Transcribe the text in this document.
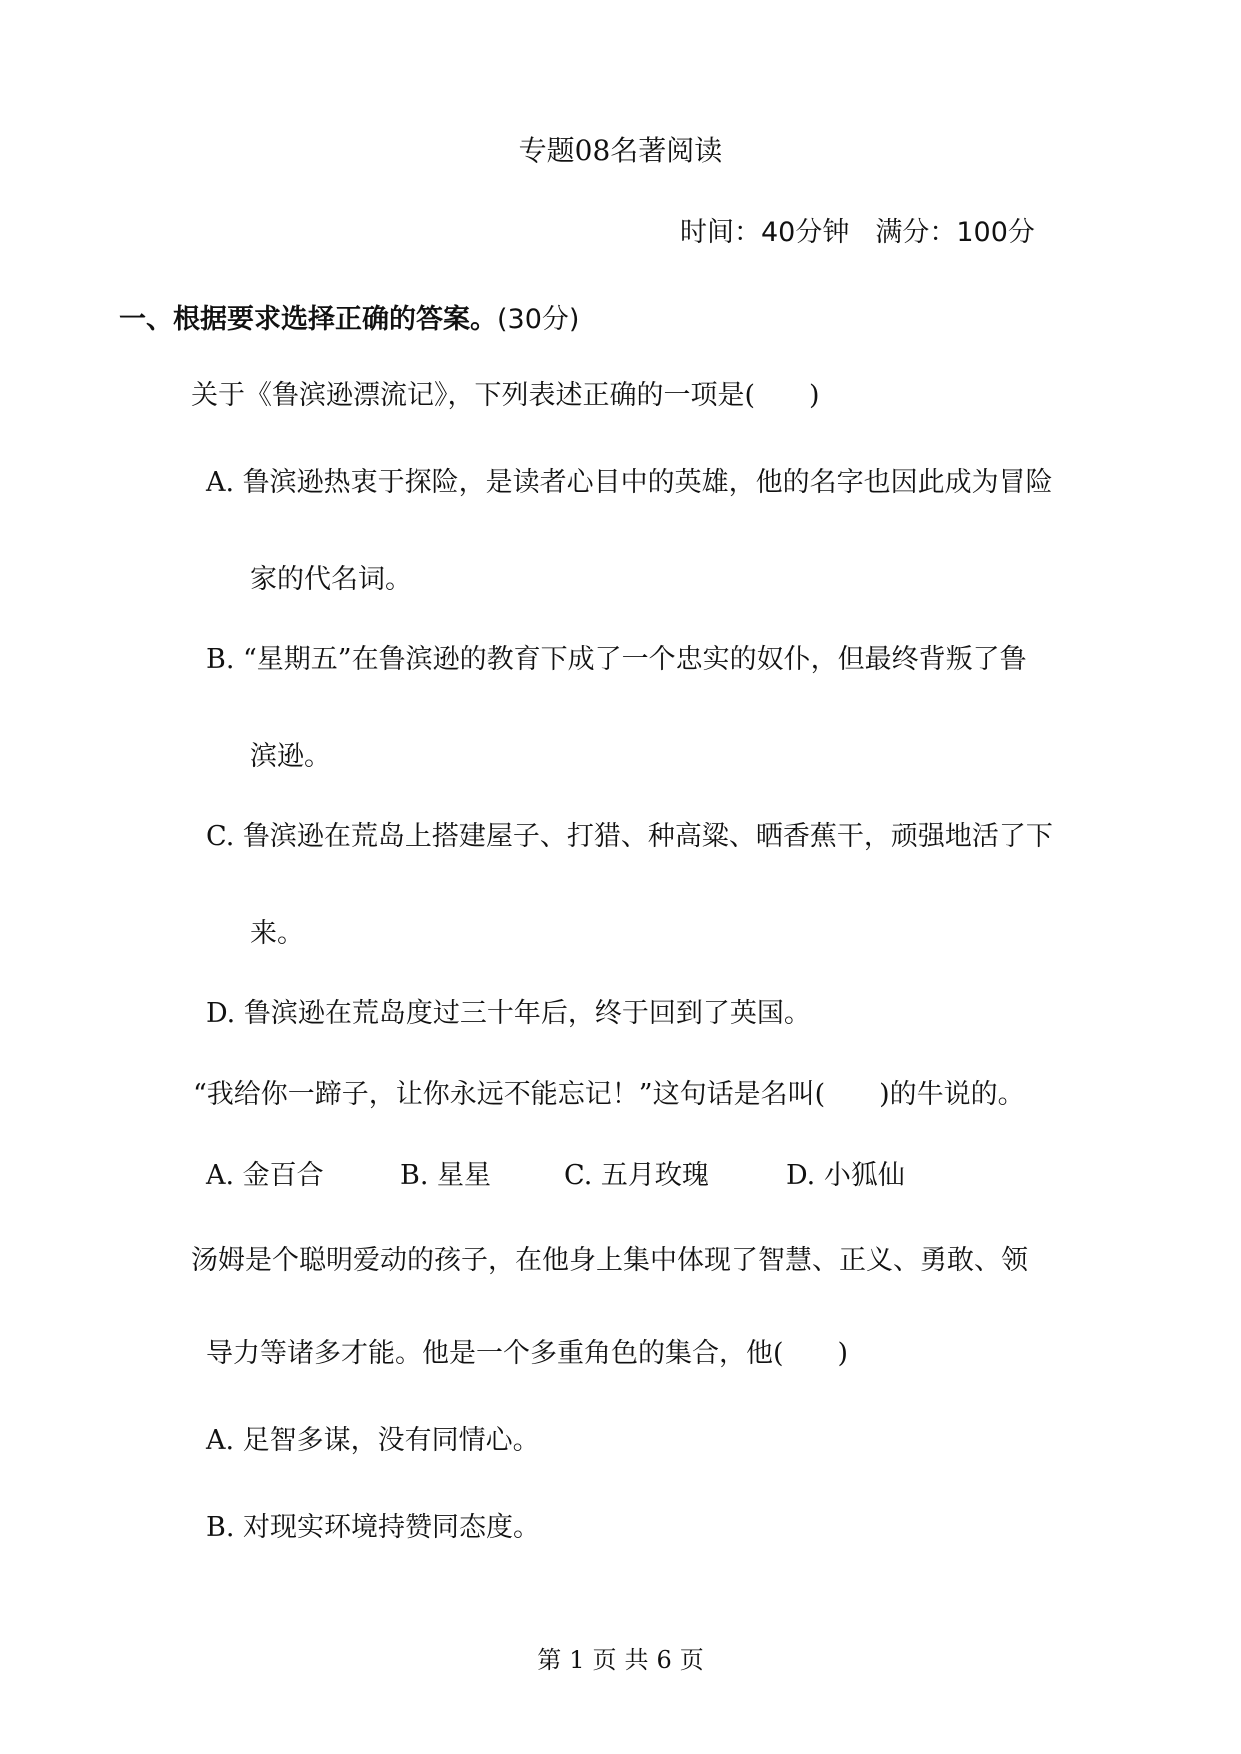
专题08名著阅读
时间：40分钟 满分：100分
一、根据要求选择正确的答案。(30分)
关于《鲁滨逊漂流记》，下列表述正确的一项是(　　)
A. 鲁滨逊热衷于探险，是读者心目中的英雄，他的名字也因此成为冒险
家的代名词。
B. “星期五”在鲁滨逊的教育下成了一个忠实的奴仆，但最终背叛了鲁
滨逊。
C. 鲁滨逊在荒岛上搭建屋子、打猎、种高粱、晒香蕉干，顽强地活了下
来。
D. 鲁滨逊在荒岛度过三十年后，终于回到了英国。
“我给你一蹄子，让你永远不能忘记！”这句话是名叫(　　)的牛说的。
A. 金百合	B. 星星	C. 五月玫瑰	D. 小狐仙
汤姆是个聪明爱动的孩子，在他身上集中体现了智慧、正义、勇敢、领
导力等诸多才能。他是一个多重角色的集合，他(　　)
A. 足智多谋，没有同情心。
B. 对现实环境持赞同态度。
第 1 页 共 6 页
